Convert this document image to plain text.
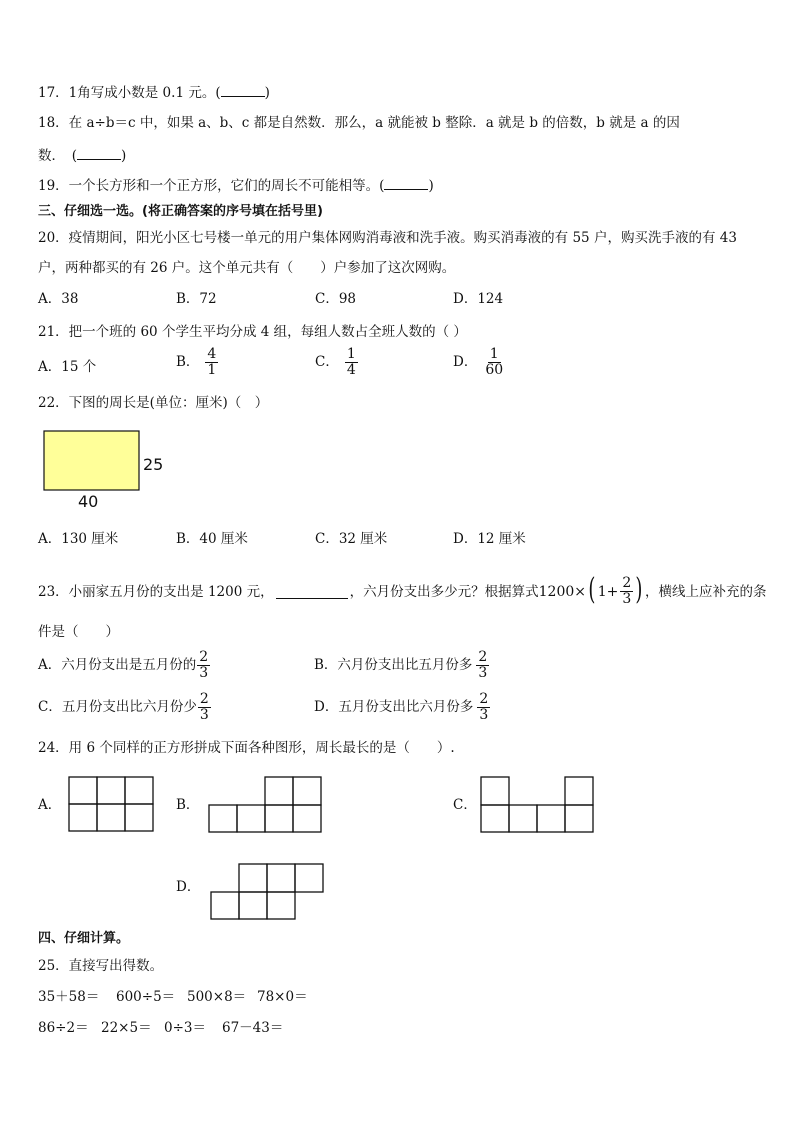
17．1角写成小数是 0.1 元。(	)
18．在 a÷b＝c 中，如果 a、b、c 都是自然数．那么，a 就能被 b 整除．a 就是 b 的倍数，b 就是 a 的因
数．　(	)
19．一个长方形和一个正方形，它们的周长不可能相等。(	)
三、仔细选一选。(将正确答案的序号填在括号里)
20．疫情期间，阳光小区七号楼一单元的用户集体网购消毒液和洗手液。购买消毒液的有 55 户，购买洗手液的有 43
户，两种都买的有 26 户。这个单元共有（　　）户参加了这次网购。
A．38	B．72	C．98	D．124
21．把一个班的 60 个学生平均分成 4 组，每组人数占全班人数的（ ）
A．15 个	B． $\frac{4}{1}$	C． $\frac{1}{4}$	D． $\frac{1}{60}$
22．下图的周长是(单位：厘米)（　）
25
40
A．130 厘米	B．40 厘米	C．32 厘米	D．12 厘米
23．小丽家五月份的支出是 1200 元，	，六月份支出多少元？根据算式 1200× ( $1+ \frac{2}{3}$ ) ，横线上应补充的条
件是（　　）
A．六月份支出是五月份的 $\frac{2}{3}$	B．六月份支出比五月份多 $\frac{2}{3}$
C．五月份支出比六月份少 $\frac{2}{3}$	D．五月份支出比六月份多 $\frac{2}{3}$
24．用 6 个同样的正方形拼成下面各种图形，周长最长的是（　　）.
A．	B．	C．
D．
四、仔细计算。
25．直接写出得数。
35＋58＝ 600÷5＝ 500×8＝ 78×0＝
86÷2＝ 22×5＝ 0÷3＝ 67－43＝
